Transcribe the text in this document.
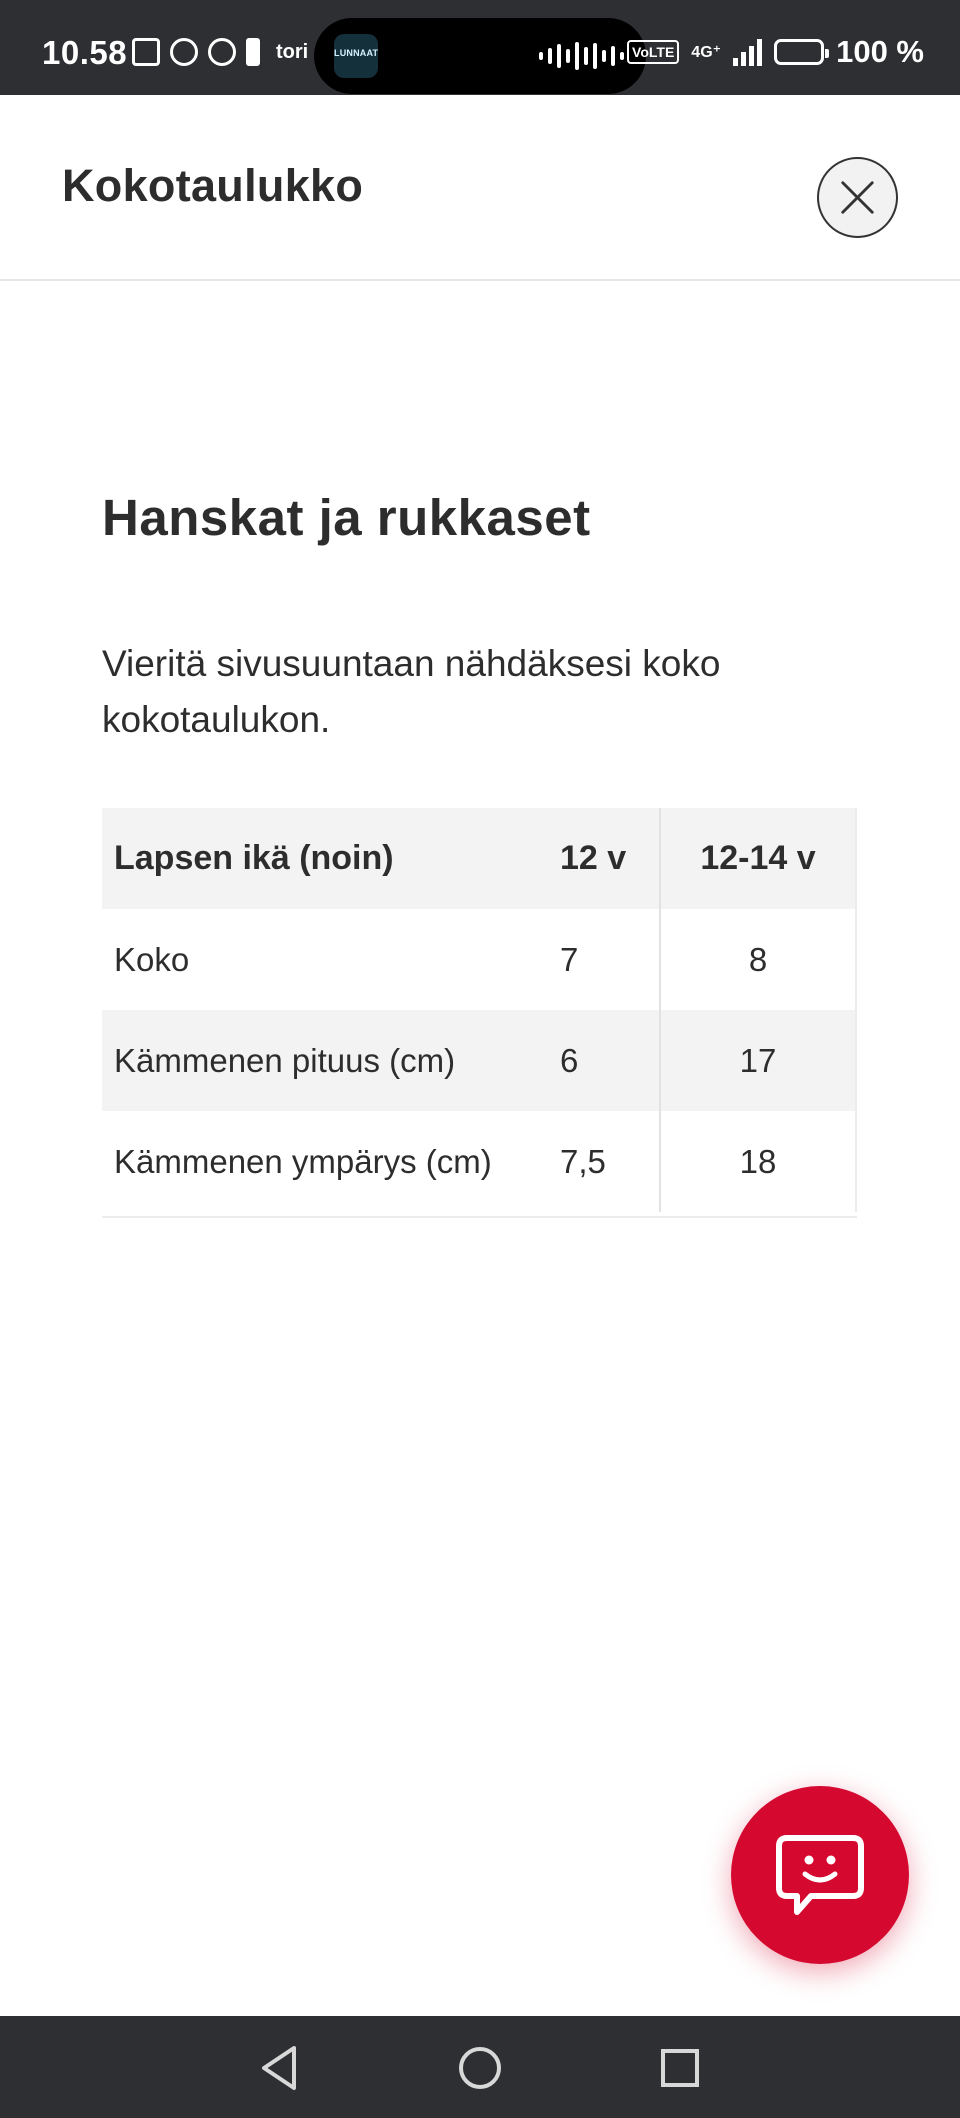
10.58	tori	LUNNAAT	VoLTE	4G⁺	100 %
Kokotaulukko
Hanskat ja rukkaset

Vieritä sivusuuntaan nähdäksesi koko kokotaulukon.

Lapsen ikä (noin)	12 v	12-14 v
Koko	7	8
Kämmenen pituus (cm)	6	17
Kämmenen ympärys (cm) 7,5	18
